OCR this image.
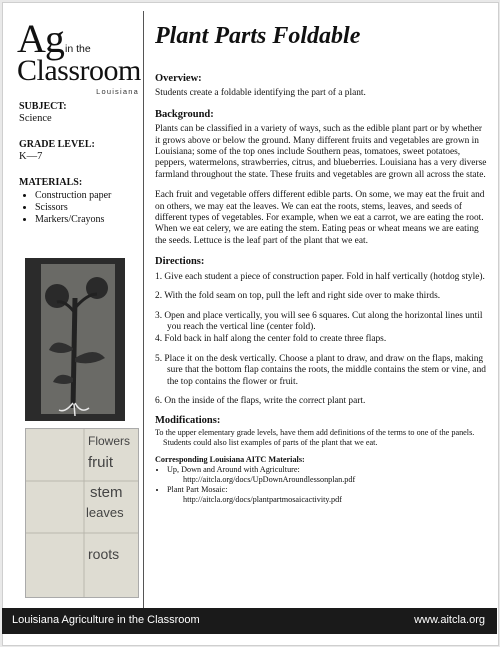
Ag in the
Classroom
Louisiana
SUBJECT:
Science
GRADE LEVEL:
K—7
MATERIALS:
• Construction paper
• Scissors
• Markers/Crayons
Flowers
fruit
stem
leaves
roots
Plant Parts Foldable
Overview:

Students create a foldable identifying the part of a plant.

Background:

Plants can be classified in a variety of ways, such as the edible plant part or by whether it grows above or below the ground. Many different fruits and vegetables are grown in Louisiana; some of the top ones include Southern peas, tomatoes, sweet potatoes, peppers, watermelons, strawberries, citrus, and blueberries. Louisiana has a very diverse farmland throughout the state. These fruits and vegetables are grown all across the state.

Each fruit and vegetable offers different edible parts. On some, we may eat the fruit and on others, we may eat the leaves. We can eat the roots, stems, leaves, and seeds of different types of vegetables. For example, when we eat a carrot, we are eating the root. When we eat celery, we are eating the stem. Eating peas or wheat means we are eating the seeds. Lettuce is the leaf part of the plant that we eat.

Directions:
1. Give each student a piece of construction paper. Fold in half vertically (hotdog style).
2. With the fold seam on top, pull the left and right side over to make thirds.
3. Open and place vertically, you will see 6 squares. Cut along the horizontal lines until you reach the vertical line (center fold).
4. Fold back in half along the center fold to create three flaps.
5. Place it on the desk vertically. Choose a plant to draw, and draw on the flaps, making sure that the bottom flap contains the roots, the middle contains the stem or vine, and the top contains the flower or fruit.
6. On the inside of the flaps, write the correct plant part.
Modifications:

To the upper elementary grade levels, have them add definitions of the terms to one of the panels. Students could also list examples of parts of the plant that we eat.

Corresponding Louisiana AITC Materials:
• Up, Down and Around with Agriculture:
http://aitcla.org/docs/UpDownAroundlessonplan.pdf
• Plant Part Mosaic:
http://aitcla.org/docs/plantpartmosaicactivity.pdf
Louisiana Agriculture in the Classroom	www.aitcla.org
